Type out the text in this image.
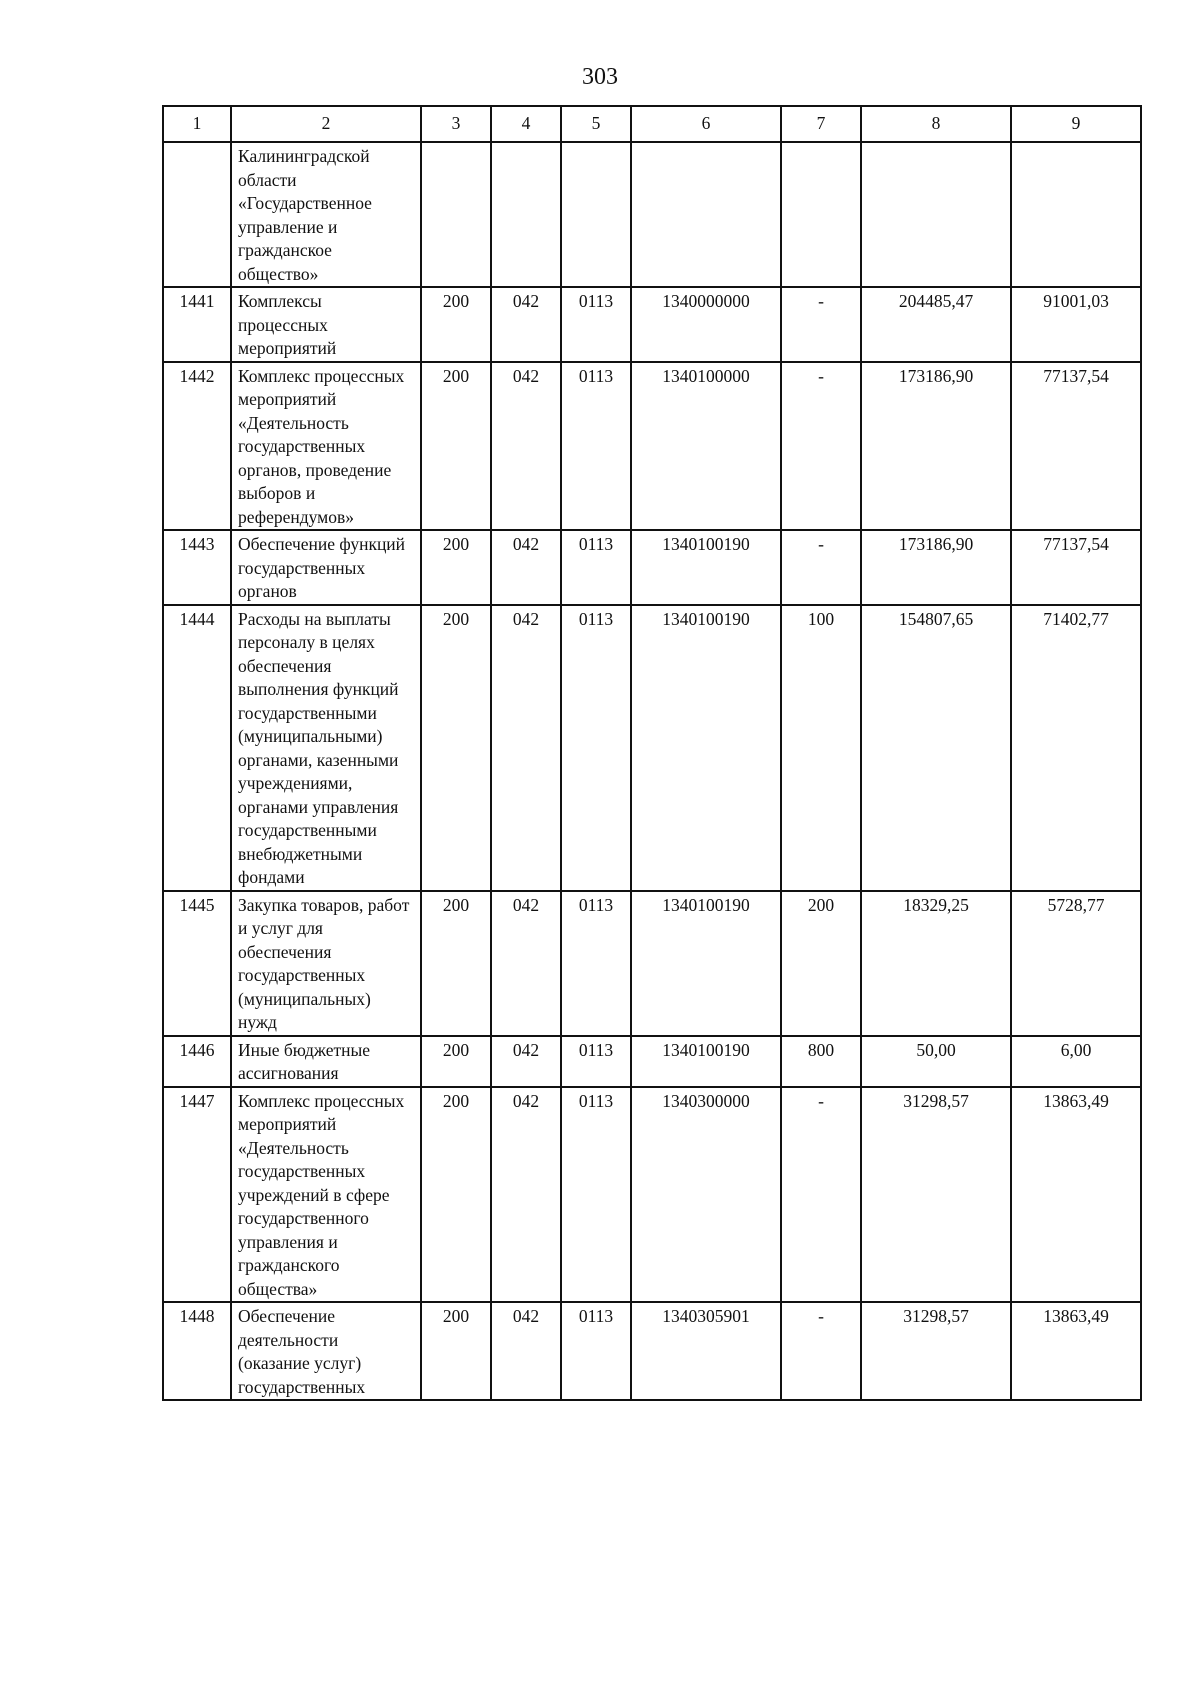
303
1	2	3	4	5	6	7	8	9
	Калининградской области «Государственное управление и гражданское общество»							
1441	Комплексы процессных мероприятий	200	042	0113	1340000000	-	204485,47	91001,03
1442	Комплекс процессных мероприятий «Деятельность государственных органов, проведение выборов и референдумов»	200	042	0113	1340100000	-	173186,90	77137,54
1443	Обеспечение функций государственных органов	200	042	0113	1340100190	-	173186,90	77137,54
1444	Расходы на выплаты персоналу в целях обеспечения выполнения функций государственными (муниципальными) органами, казенными учреждениями, органами управления государственными внебюджетными фондами	200	042	0113	1340100190	100	154807,65	71402,77
1445	Закупка товаров, работ и услуг для обеспечения государственных (муниципальных) нужд	200	042	0113	1340100190	200	18329,25	5728,77
1446	Иные бюджетные ассигнования	200	042	0113	1340100190	800	50,00	6,00
1447	Комплекс процессных мероприятий «Деятельность государственных учреждений в сфере государственного управления и гражданского общества»	200	042	0113	1340300000	-	31298,57	13863,49
1448	Обеспечение деятельности (оказание услуг) государственных	200	042	0113	1340305901	-	31298,57	13863,49
